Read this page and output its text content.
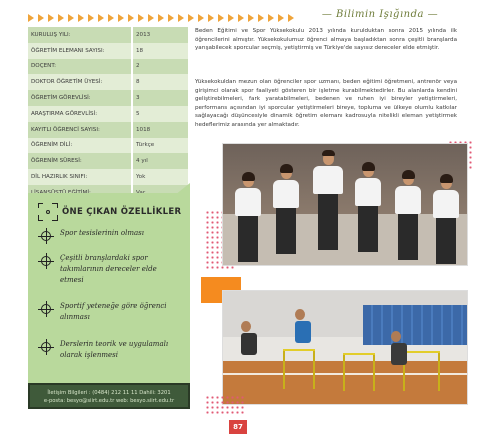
— Bilimin Işığında —
KURULUŞ YILI:	2013
ÖĞRETİM ELEMANI SAYISI:	18
DOÇENT:	2
DOKTOR ÖĞRETİM ÜYESİ:	8
ÖĞRETİM GÖREVLİSİ:	3
ARAŞTIRMA GÖREVLİSİ:	5
KAYITLI ÖĞRENCİ SAYISI:	1018
ÖĞRENİM DİLİ:	Türkçe
ÖĞRENİM SÜRESİ:	4 yıl
DİL HAZIRLIK SINIFI:	Yok

ÖNE ÇIKAN ÖZELLİKLER
Spor tesislerinin olması
Çeşitli branşlardaki spor takımlarının dereceler elde etmesi
Sportif yeteneğe göre öğrenci alınması
Derslerin teorik ve uygulamalı olarak işlenmesi
İletişim Bilgileri : (0484) 212 11 11 Dahili: 3201
e-posta: besyo@siirt.edu.tr web: besyo.siirt.edu.tr

Beden Eğitimi ve Spor Yüksekokulu 2013 yılında kurulduktan sonra 2015 yılında ilk öğrencilerini almıştır. Yüksekokulumuz öğrenci almaya başladıktan sonra çeşitli branşlarda yarışabilecek sporcular seçmiş, yetiştirmiş ve Türkiye'de sayısız dereceler elde etmiştir.

Yüksekokuldan mezun olan öğrenciler spor uzmanı, beden eğitimi öğretmeni, antrenör veya girişimci olarak spor faaliyeti gösteren bir işletme kurabilmektedirler. Bu alanlarda kendini geliştirebilmeleri, fark yaratabilmeleri, bedenen ve ruhen iyi bireyler yetiştirmeleri, performans açısından iyi sporcular yetiştirmeleri bireye, topluma ve ülkeye olumlu katkılar sağlayacağı düşüncesiyle dinamik öğretim elemanı kadrosuyla nitelikli eleman yetiştirmek hedeflerimiz arasında yer almaktadır.

87
